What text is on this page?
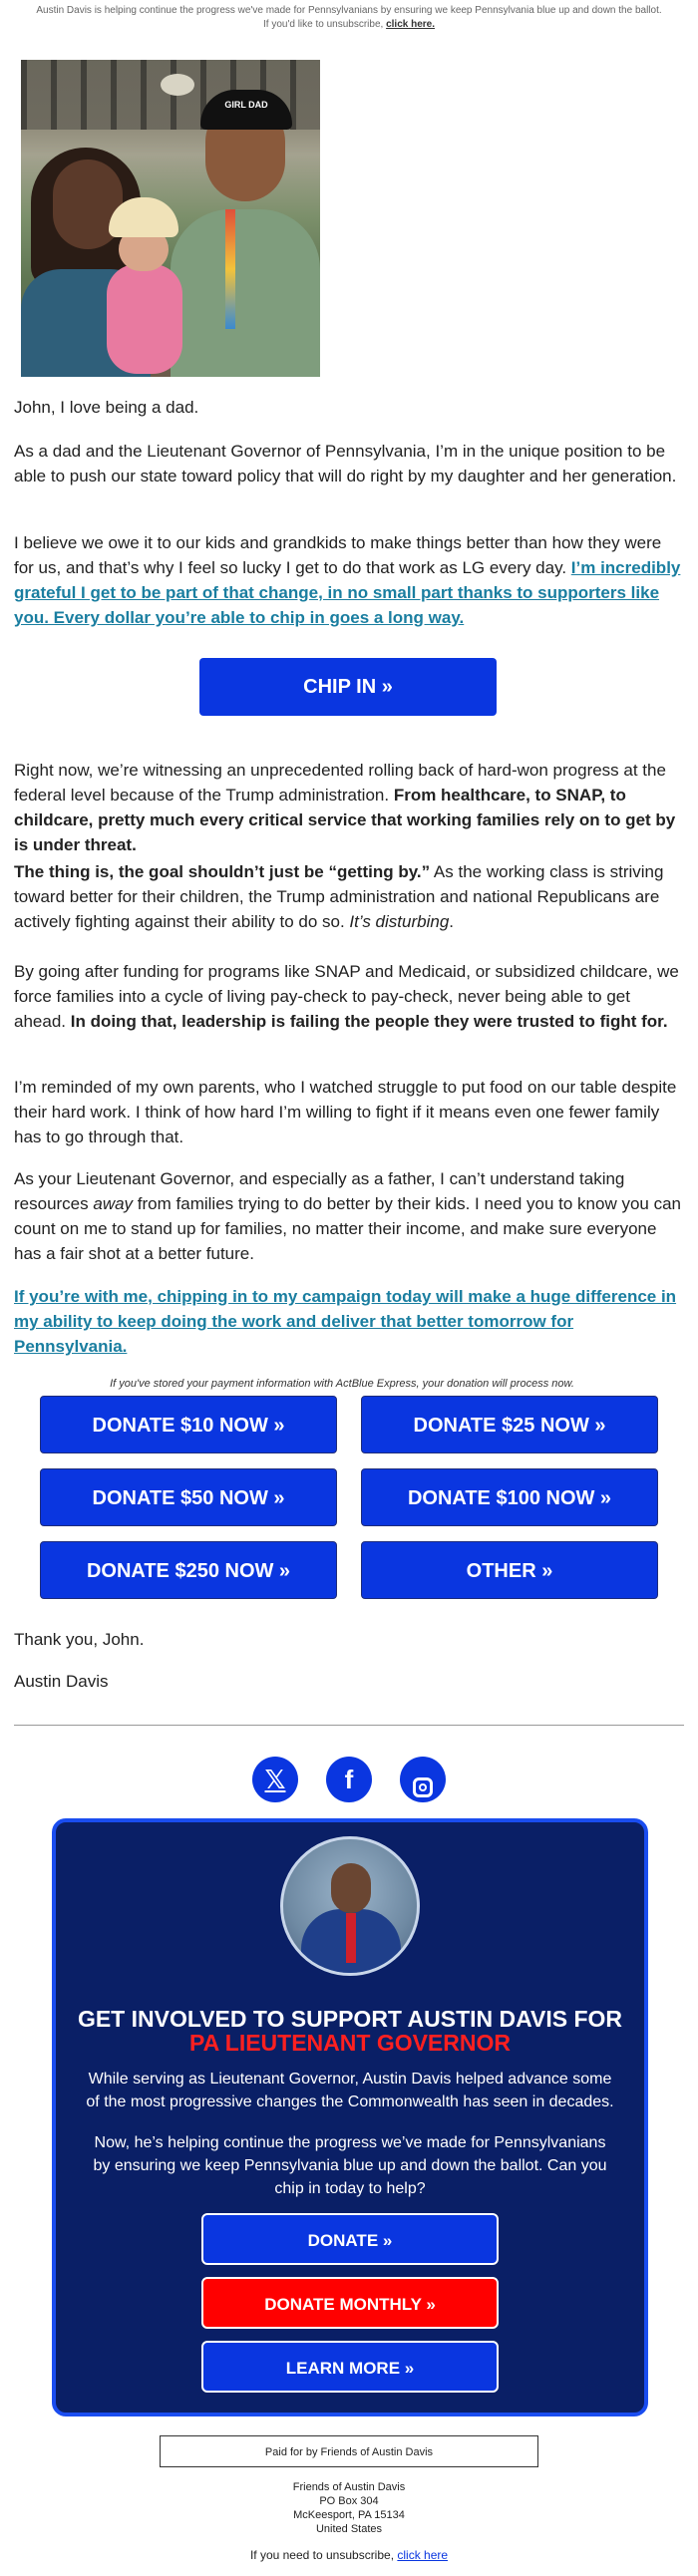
Austin Davis is helping continue the progress we've made for Pennsylvanians by ensuring we keep Pennsylvania blue up and down the ballot.
If you'd like to unsubscribe, click here.
GIRL DAD

John, I love being a dad.

As a dad and the Lieutenant Governor of Pennsylvania, I’m in the unique position to be able to push our state toward policy that will do right by my daughter and her generation.

I believe we owe it to our kids and grandkids to make things better than how they were for us, and that’s why I feel so lucky I get to do that work as LG every day. I’m incredibly grateful I get to be part of that change, in no small part thanks to supporters like you. Every dollar you’re able to chip in goes a long way.

CHIP IN »

Right now, we’re witnessing an unprecedented rolling back of hard-won progress at the federal level because of the Trump administration. From healthcare, to SNAP, to childcare, pretty much every critical service that working families rely on to get by is under threat.

The thing is, the goal shouldn’t just be “getting by.” As the working class is striving toward better for their children, the Trump administration and national Republicans are actively fighting against their ability to do so. It’s disturbing.

By going after funding for programs like SNAP and Medicaid, or subsidized childcare, we force families into a cycle of living pay-check to pay-check, never being able to get ahead. In doing that, leadership is failing the people they were trusted to fight for.

I’m reminded of my own parents, who I watched struggle to put food on our table despite their hard work. I think of how hard I’m willing to fight if it means even one fewer family has to go through that.

As your Lieutenant Governor, and especially as a father, I can’t understand taking resources away from families trying to do better by their kids. I need you to know you can count on me to stand up for families, no matter their income, and make sure everyone has a fair shot at a better future.

If you’re with me, chipping in to my campaign today will make a huge difference in my ability to keep doing the work and deliver that better tomorrow for Pennsylvania.

If you've stored your payment information with ActBlue Express, your donation will process now.
DONATE $10 NOW »	DONATE $25 NOW »
DONATE $50 NOW »	DONATE $100 NOW »
DONATE $250 NOW »	OTHER »

Thank you, John.

Austin Davis

𝕏	f
GET INVOLVED TO SUPPORT AUSTIN DAVIS FOR
PA LIEUTENANT GOVERNOR

While serving as Lieutenant Governor, Austin Davis helped advance some of the most progressive changes the Commonwealth has seen in decades.

Now, he’s helping continue the progress we’ve made for Pennsylvanians by ensuring we keep Pennsylvania blue up and down the ballot. Can you chip in today to help?

DONATE »
DONATE MONTHLY »
LEARN MORE »
Paid for by Friends of Austin Davis
Friends of Austin Davis
PO Box 304
McKeesport, PA 15134
United States
If you need to unsubscribe, click here
